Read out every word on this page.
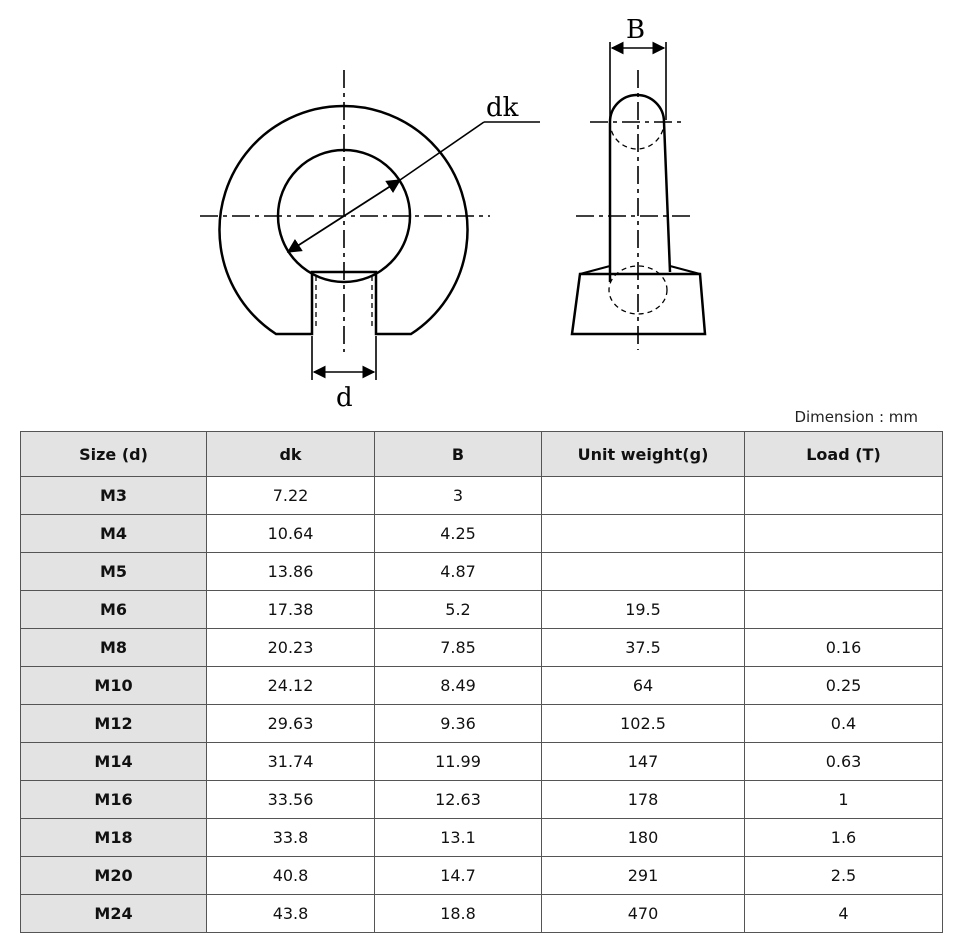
dk
d
B
Dimension : mm
Size (d)	dk	B	Unit weight(g)	Load (T)
M3	7.22	3		
M4	10.64	4.25		
M5	13.86	4.87		
M6	17.38	5.2	19.5	
M8	20.23	7.85	37.5	0.16
M10	24.12	8.49	64	0.25
M12	29.63	9.36	102.5	0.4
M14	31.74	11.99	147	0.63
M16	33.56	12.63	178	1
M18	33.8	13.1	180	1.6
M20	40.8	14.7	291	2.5
M24	43.8	18.8	470	4
